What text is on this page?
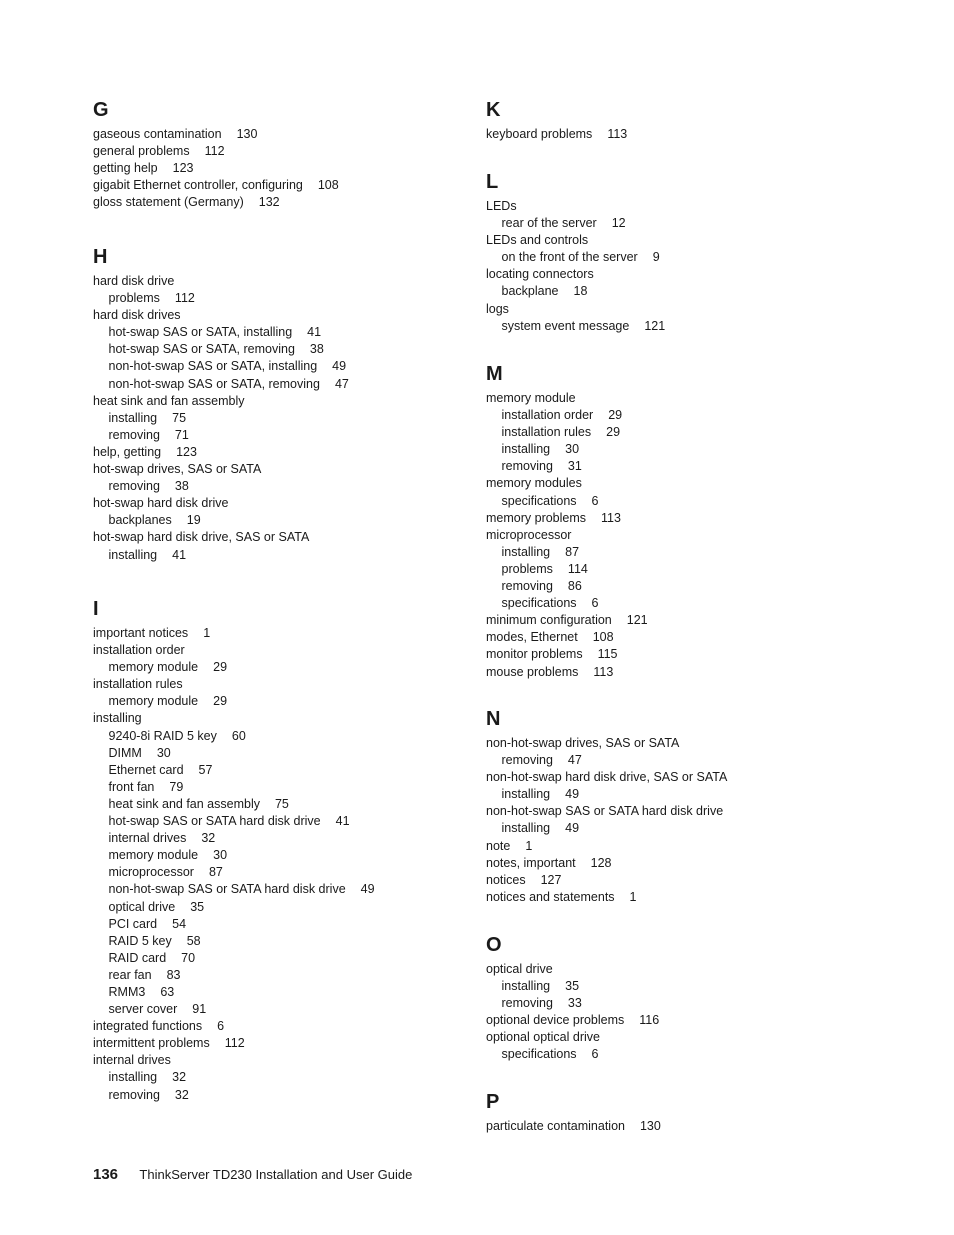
G
gaseous contamination 130
general problems 112
getting help 123
gigabit Ethernet controller, configuring 108
gloss statement (Germany) 132
H
hard disk drive
problems 112
hard disk drives
hot-swap SAS or SATA, installing 41
hot-swap SAS or SATA, removing 38
non-hot-swap SAS or SATA, installing 49
non-hot-swap SAS or SATA, removing 47
heat sink and fan assembly
installing 75
removing 71
help, getting 123
hot-swap drives, SAS or SATA
removing 38
hot-swap hard disk drive
backplanes 19
hot-swap hard disk drive, SAS or SATA
installing 41
I
important notices 1
installation order
memory module 29
installation rules
memory module 29
installing
9240-8i RAID 5 key 60
DIMM 30
Ethernet card 57
front fan 79
heat sink and fan assembly 75
hot-swap SAS or SATA hard disk drive 41
internal drives 32
memory module 30
microprocessor 87
non-hot-swap SAS or SATA hard disk drive 49
optical drive 35
PCI card 54
RAID 5 key 58
RAID card 70
rear fan 83
RMM3 63
server cover 91
integrated functions 6
intermittent problems 112
internal drives
installing 32
removing 32
K
keyboard problems 113
L
LEDs
rear of the server 12
LEDs and controls
on the front of the server 9
locating connectors
backplane 18
logs
system event message 121
M
memory module
installation order 29
installation rules 29
installing 30
removing 31
memory modules
specifications 6
memory problems 113
microprocessor
installing 87
problems 114
removing 86
specifications 6
minimum configuration 121
modes, Ethernet 108
monitor problems 115
mouse problems 113
N
non-hot-swap drives, SAS or SATA
removing 47
non-hot-swap hard disk drive, SAS or SATA
installing 49
non-hot-swap SAS or SATA hard disk drive
installing 49
note 1
notes, important 128
notices 127
notices and statements 1
O
optical drive
installing 35
removing 33
optional device problems 116
optional optical drive
specifications 6
P
particulate contamination 130
136 ThinkServer TD230 Installation and User Guide
